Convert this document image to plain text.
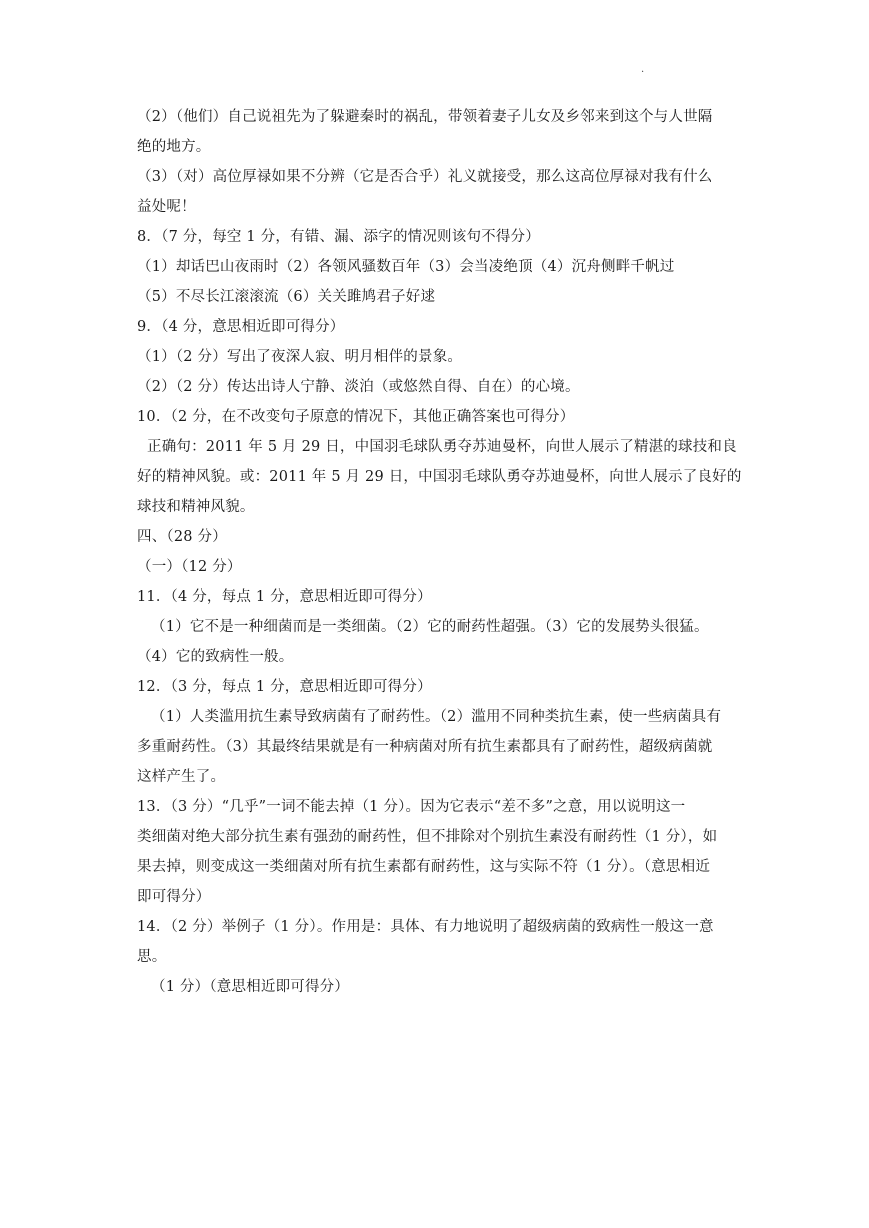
.
（2）（他们）自己说祖先为了躲避秦时的祸乱，带领着妻子儿女及乡邻来到这个与人世隔
绝的地方。
（3）（对）高位厚禄如果不分辨（它是否合乎）礼义就接受，那么这高位厚禄对我有什么
益处呢！
8．（7 分，每空 1 分，有错、漏、添字的情况则该句不得分）
（1）却话巴山夜雨时（2）各领风骚数百年（3）会当凌绝顶（4）沉舟侧畔千帆过
（5）不尽长江滚滚流（6）关关雎鸠君子好逑
9．（4 分，意思相近即可得分）
（1）（2 分）写出了夜深人寂、明月相伴的景象。
（2）（2 分）传达出诗人宁静、淡泊（或悠然自得、自在）的心境。
10．（2 分，在不改变句子原意的情况下，其他正确答案也可得分）
正确句：2011 年 5 月 29 日，中国羽毛球队勇夺苏迪曼杯，向世人展示了精湛的球技和良
好的精神风貌。或：2011 年 5 月 29 日，中国羽毛球队勇夺苏迪曼杯，向世人展示了良好的
球技和精神风貌。
四、（28 分）
（一）（12 分）
11．（4 分，每点 1 分，意思相近即可得分）
（1）它不是一种细菌而是一类细菌。（2）它的耐药性超强。（3）它的发展势头很猛。
（4）它的致病性一般。
12．（3 分，每点 1 分，意思相近即可得分）
（1）人类滥用抗生素导致病菌有了耐药性。（2）滥用不同种类抗生素，使一些病菌具有
多重耐药性。（3）其最终结果就是有一种病菌对所有抗生素都具有了耐药性，超级病菌就
这样产生了。
13．（3 分）“几乎”一词不能去掉（1 分）。因为它表示“差不多”之意，用以说明这一
类细菌对绝大部分抗生素有强劲的耐药性，但不排除对个别抗生素没有耐药性（1 分），如
果去掉，则变成这一类细菌对所有抗生素都有耐药性，这与实际不符（1 分）。（意思相近
即可得分）
14．（2 分）举例子（1 分）。作用是：具体、有力地说明了超级病菌的致病性一般这一意
思。
（1 分）（意思相近即可得分）
